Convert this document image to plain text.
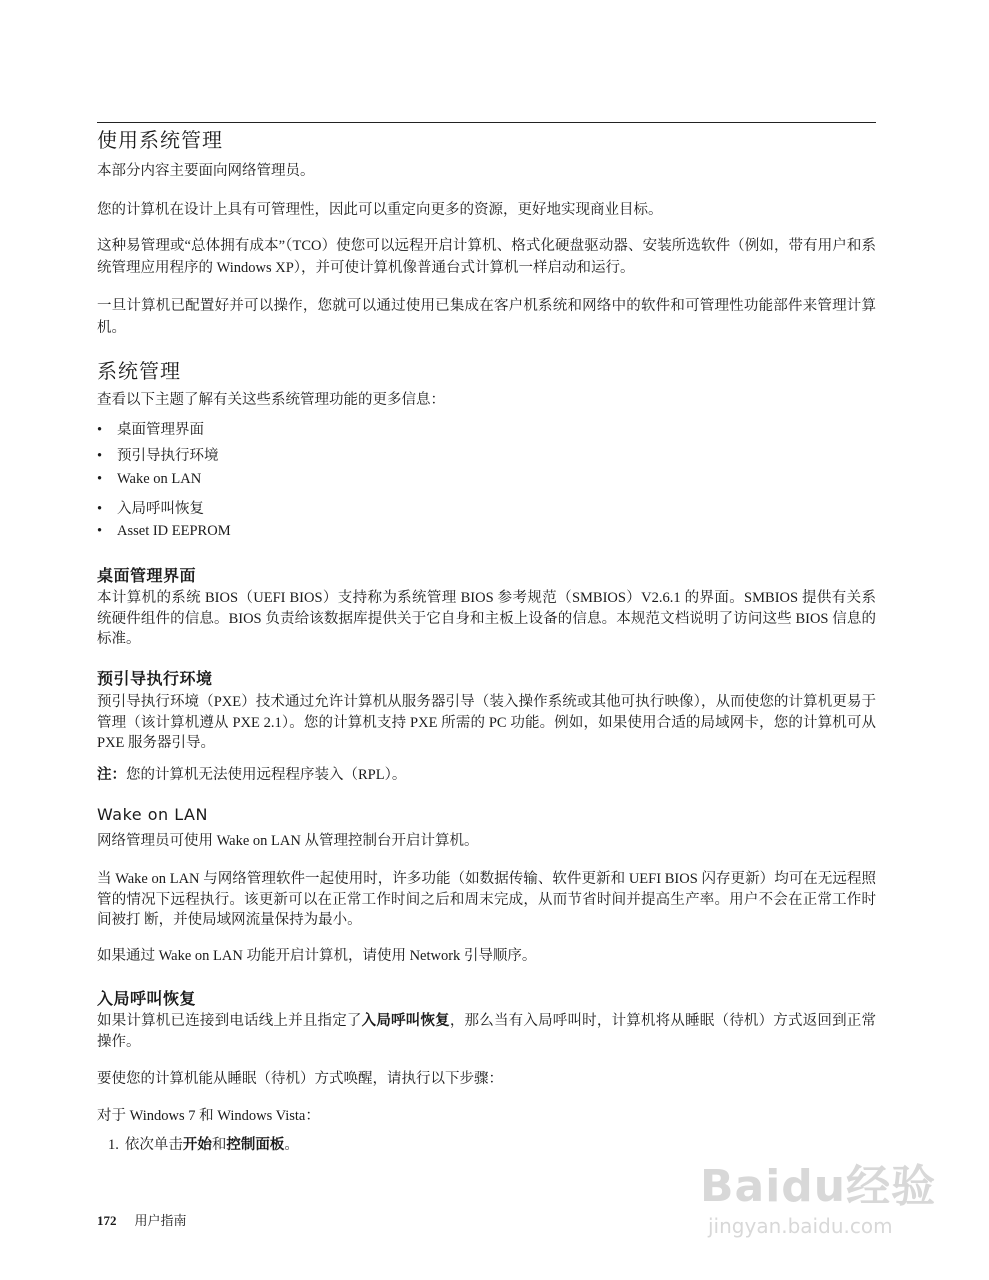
使用系统管理
本部分内容主要面向网络管理员。
您的计算机在设计上具有可管理性，因此可以重定向更多的资源，更好地实现商业目标。
这种易管理或“总体拥有成本”（TCO）使您可以远程开启计算机、格式化硬盘驱动器、安装所选软件（例如，带有用户和系统管理应用程序的 Windows XP），并可使计算机像普通台式计算机一样启动和运行。
一旦计算机已配置好并可以操作，您就可以通过使用已集成在客户机系统和网络中的软件和可管理性功能部件来管理计算机。
系统管理
查看以下主题了解有关这些系统管理功能的更多信息：
• 桌面管理界面
• 预引导执行环境
• Wake on LAN
• 入局呼叫恢复
• Asset ID EEPROM
桌面管理界面
本计算机的系统 BIOS（UEFI BIOS）支持称为系统管理 BIOS 参考规范（SMBIOS）V2.6.1 的界面。SMBIOS 提供有关系统硬件组件的信息。BIOS 负责给该数据库提供关于它自身和主板上设备的信息。本规范文档说明了访问这些 BIOS 信息的标准。
预引导执行环境
预引导执行环境（PXE）技术通过允许计算机从服务器引导（装入操作系统或其他可执行映像），从而使您的计算机更易于管理（该计算机遵从 PXE 2.1）。您的计算机支持 PXE 所需的 PC 功能。例如，如果使用合适的局域网卡，您的计算机可从 PXE 服务器引导。
注：您的计算机无法使用远程程序装入（RPL）。
Wake on LAN
网络管理员可使用 Wake on LAN 从管理控制台开启计算机。
当 Wake on LAN 与网络管理软件一起使用时，许多功能（如数据传输、软件更新和 UEFI BIOS 闪存更新）均可在无远程照管的情况下远程执行。该更新可以在正常工作时间之后和周末完成，从而节省时间并提高生产率。用户不会在正常工作时间被打 断，并使局域网流量保持为最小。
如果通过 Wake on LAN 功能开启计算机，请使用 Network 引导顺序。
入局呼叫恢复
如果计算机已连接到电话线上并且指定了入局呼叫恢复，那么当有入局呼叫时，计算机将从睡眠（待机）方式返回到正常操作。
要使您的计算机能从睡眠（待机）方式唤醒，请执行以下步骤：
对于 Windows 7 和 Windows Vista：
1. 依次单击开始和控制面板。
172 用户指南
Baidu经验
jingyan.baidu.com
